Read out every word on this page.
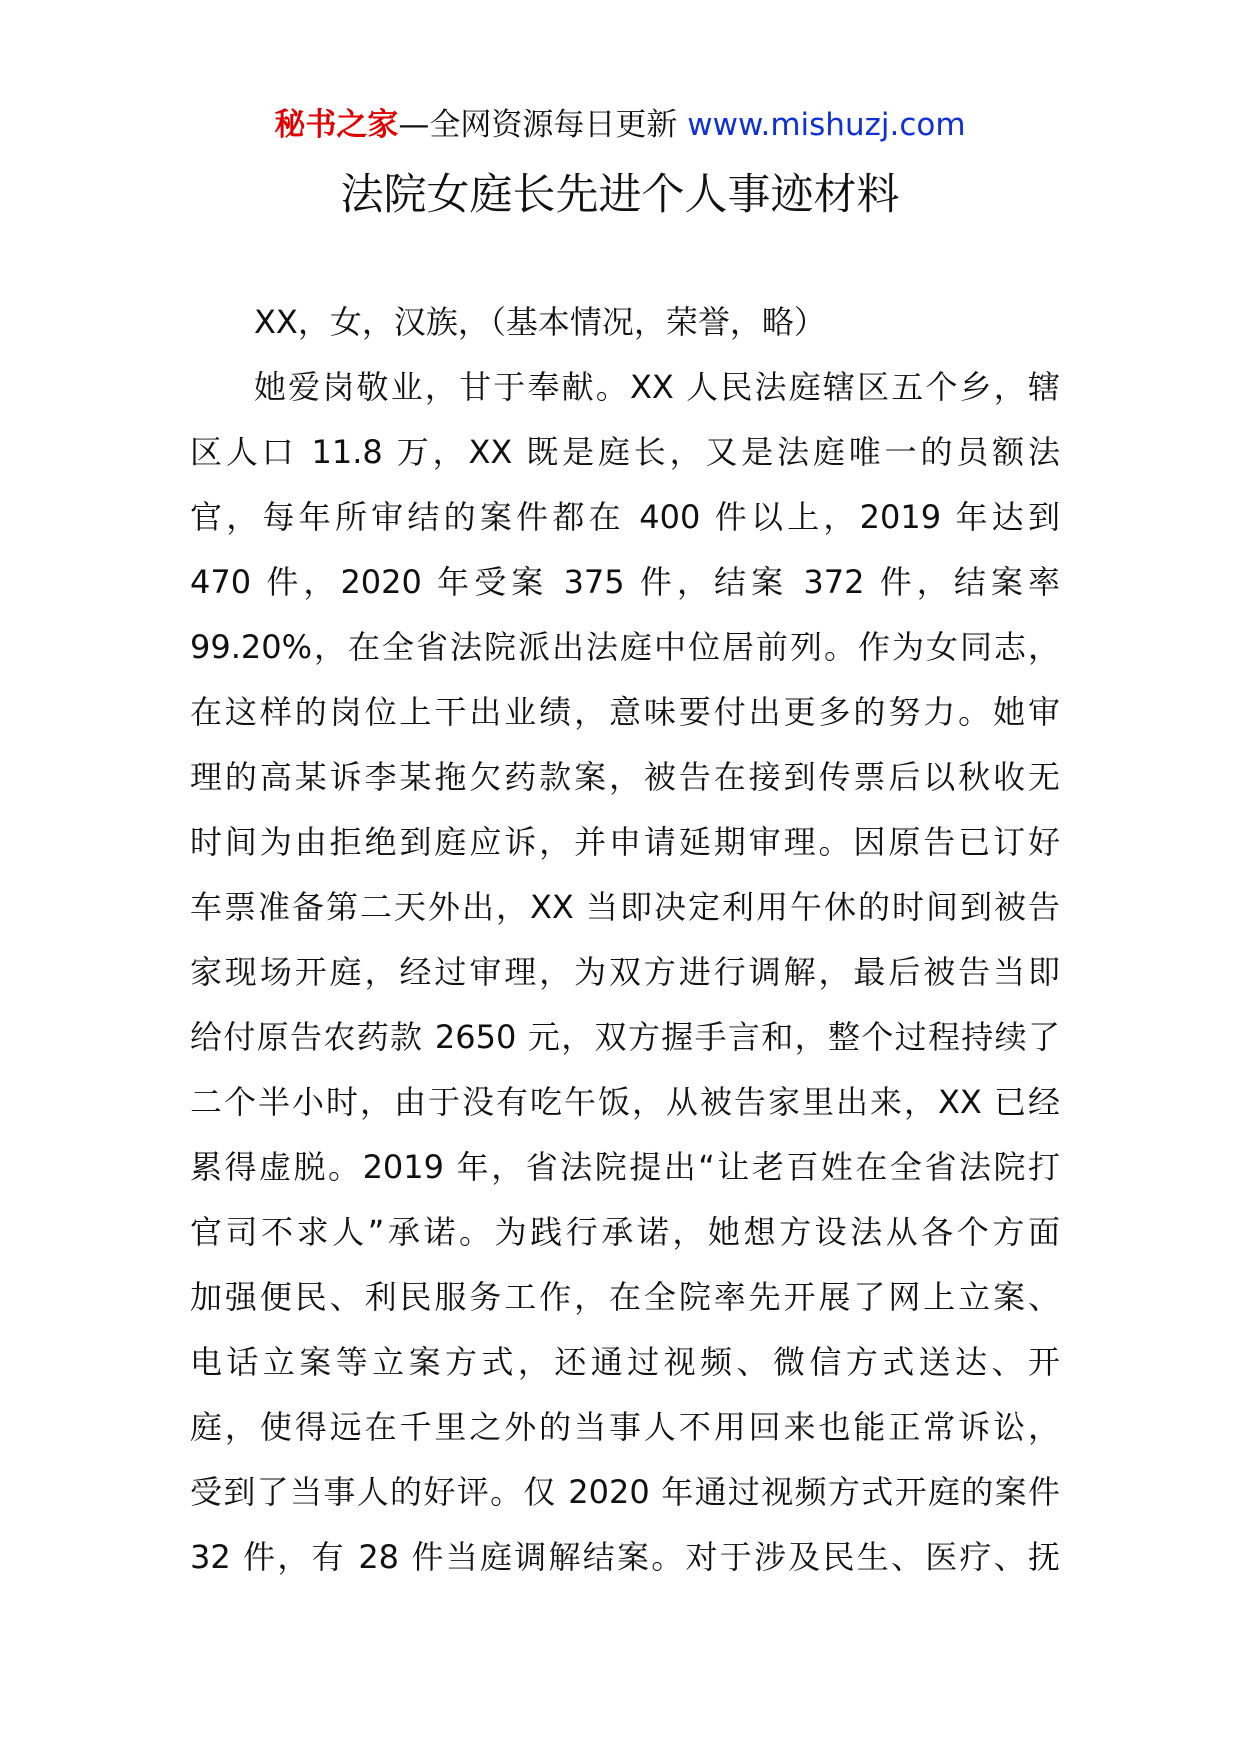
秘书之家—全网资源每日更新 www.mishuzj.com
法院女庭长先进个人事迹材料
XX，女，汉族，（基本情况，荣誉，略）
她爱岗敬业，甘于奉献。XX 人民法庭辖区五个乡，辖
区人口 11.8 万，XX 既是庭长，又是法庭唯一的员额法
官，每年所审结的案件都在 400 件以上，2019 年达到
470 件，2020 年受案 375 件，结案 372 件，结案率
99.20%，在全省法院派出法庭中位居前列。作为女同志，
在这样的岗位上干出业绩，意味要付出更多的努力。她审
理的高某诉李某拖欠药款案，被告在接到传票后以秋收无
时间为由拒绝到庭应诉，并申请延期审理。因原告已订好
车票准备第二天外出，XX 当即决定利用午休的时间到被告
家现场开庭，经过审理，为双方进行调解，最后被告当即
给付原告农药款 2650 元，双方握手言和，整个过程持续了
二个半小时，由于没有吃午饭，从被告家里出来，XX 已经
累得虚脱。2019 年，省法院提出“让老百姓在全省法院打
官司不求人”承诺。为践行承诺，她想方设法从各个方面
加强便民、利民服务工作，在全院率先开展了网上立案、
电话立案等立案方式，还通过视频、微信方式送达、开
庭，使得远在千里之外的当事人不用回来也能正常诉讼，
受到了当事人的好评。仅 2020 年通过视频方式开庭的案件
32 件，有 28 件当庭调解结案。对于涉及民生、医疗、抚
